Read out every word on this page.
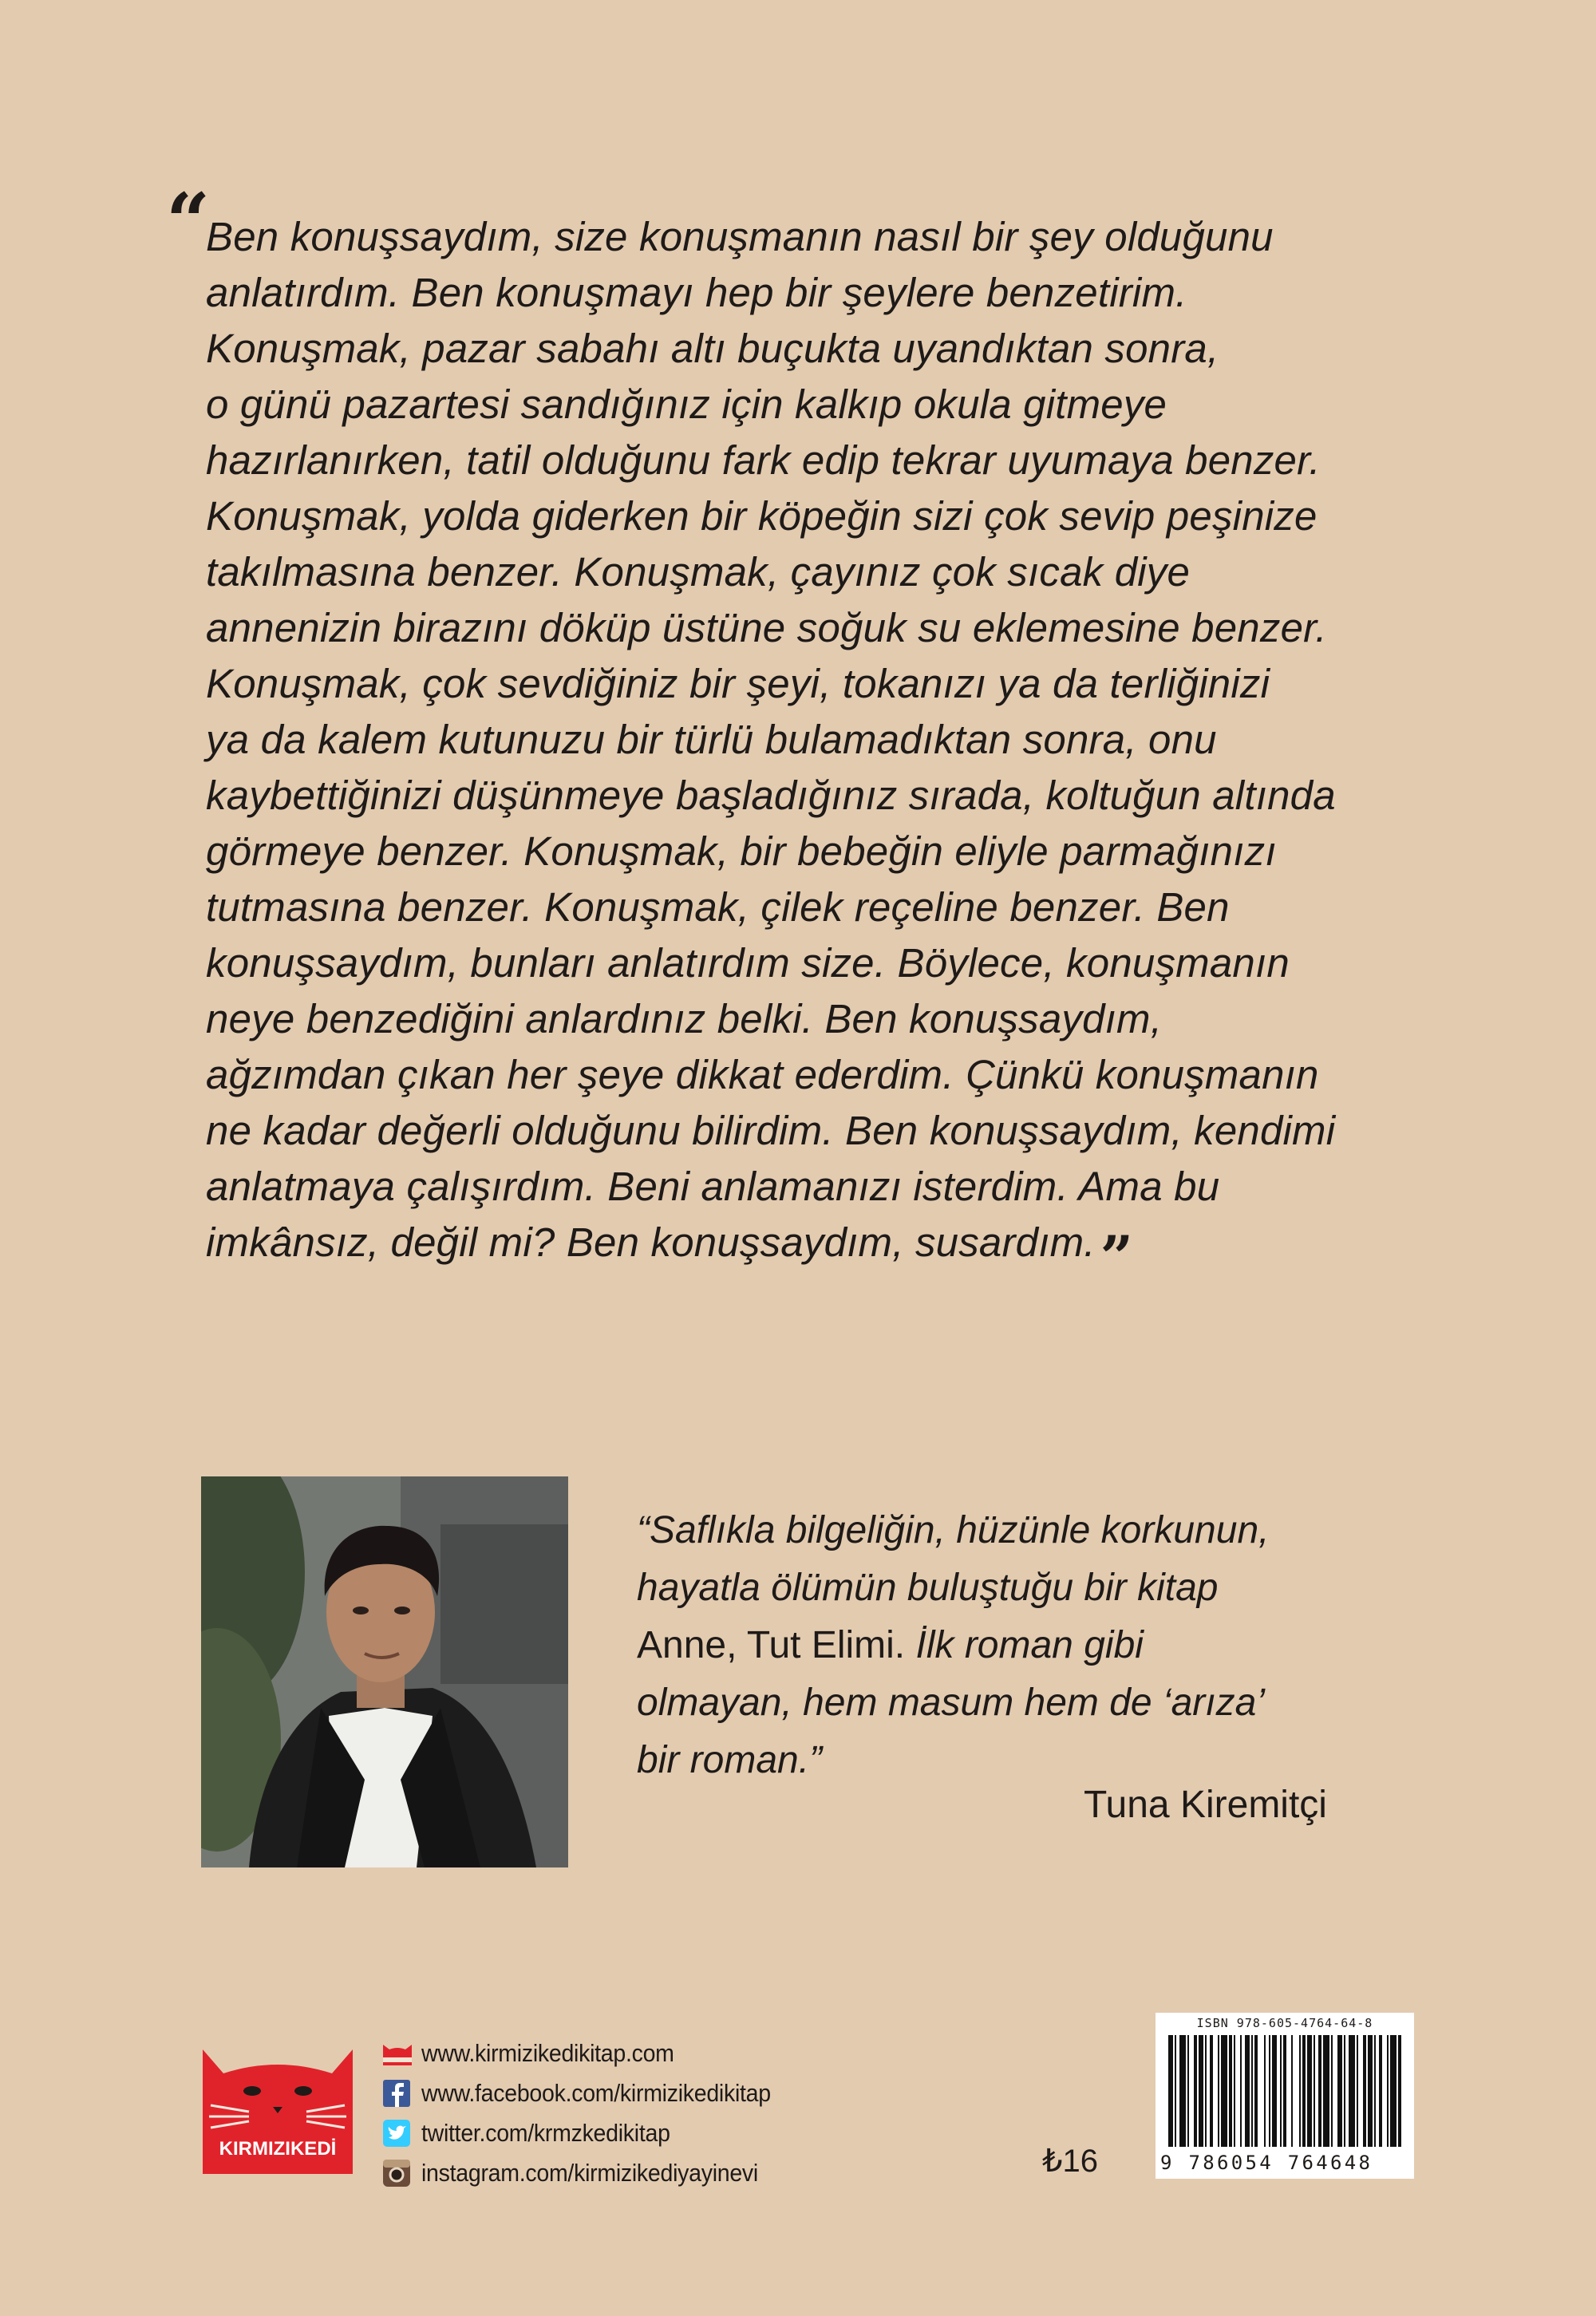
“
Ben konuşsaydım, size konuşmanın nasıl bir şey olduğunu
anlatırdım. Ben konuşmayı hep bir şeylere benzetirim.
Konuşmak, pazar sabahı altı buçukta uyandıktan sonra,
o günü pazartesi sandığınız için kalkıp okula gitmeye
hazırlanırken, tatil olduğunu fark edip tekrar uyumaya benzer.
Konuşmak, yolda giderken bir köpeğin sizi çok sevip peşinize
takılmasına benzer. Konuşmak, çayınız çok sıcak diye
annenizin birazını döküp üstüne soğuk su eklemesine benzer.
Konuşmak, çok sevdiğiniz bir şeyi, tokanızı ya da terliğinizi
ya da kalem kutunuzu bir türlü bulamadıktan sonra, onu
kaybettiğinizi düşünmeye başladığınız sırada, koltuğun altında
görmeye benzer. Konuşmak, bir bebeğin eliyle parmağınızı
tutmasına benzer. Konuşmak, çilek reçeline benzer. Ben
konuşsaydım, bunları anlatırdım size. Böylece, konuşmanın
neye benzediğini anlardınız belki. Ben konuşsaydım,
ağzımdan çıkan her şeye dikkat ederdim. Çünkü konuşmanın
ne kadar değerli olduğunu bilirdim. Ben konuşsaydım, kendimi
anlatmaya çalışırdım. Beni anlamanızı isterdim. Ama bu
imkânsız, değil mi? Ben konuşsaydım, susardım.”
“Saflıkla bilgeliğin, hüzünle korkunun,
hayatla ölümün buluştuğu bir kitap
Anne, Tut Elimi. İlk roman gibi
olmayan, hem masum hem de ‘arıza’
bir roman.”
Tuna Kiremitçi
KIRMIZIKEDİ
www.kirmizikedikitap.com
www.facebook.com/kirmizikedikitap
twitter.com/krmzkedikitap
instagram.com/kirmizikediyayinevi	₺16
ISBN 978-605-4764-64-8
9 786054 764648
